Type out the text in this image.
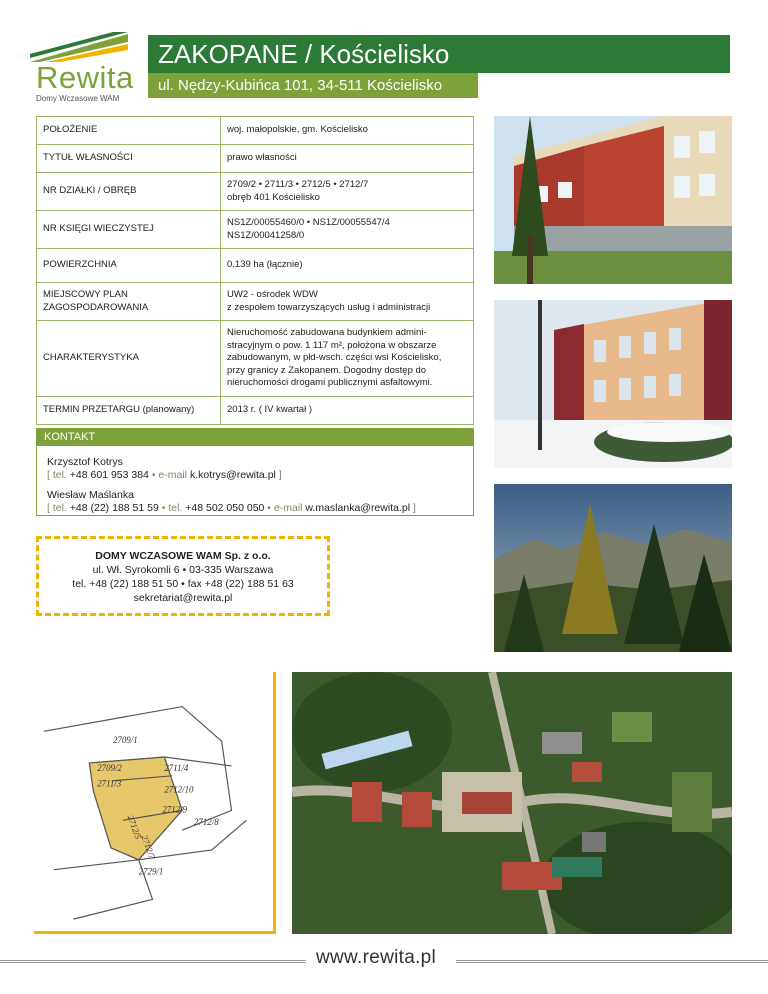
Rewita
Domy Wczasowe WAM
ZAKOPANE / Kościelisko
ul. Nędzy-Kubińca 101, 34-511 Kościelisko
POŁOŻENIE	woj. małopolskie, gm. Kościelisko

TYTUŁ WŁASNOŚCI	prawo własności

NR DZIAŁKI / OBRĘB	2709/2 • 2711/3 • 2712/5 • 2712/7
obręb 401 Kościelisko

NR KSIĘGI WIECZYSTEJ	NS1Z/00055460/0 • NS1Z/00055547/4
NS1Z/00041258/0

POWIERZCHNIA	0.139 ha (łącznie)

MIEJSCOWY PLAN
ZAGOSPODAROWANIA	UW2 - ośrodek WDW
z zespołem towarzyszących usług i administracji

CHARAKTERYSTYKA	Nieruchomość zabudowana budynkiem admini-
stracyjnym o pow. 1 117 m², położona w obszarze
zabudowanym, w płd-wsch. części wsi Kościelisko,
przy granicy z Zakopanem. Dogodny dostęp do
nieruchomości drogami publicznymi asfaltowymi.

TERMIN PRZETARGU (planowany)	2013 r. ( IV kwartał )
KONTAKT
Krzysztof Kotrys
[ tel. +48 601 953 384 • e-mail k.kotrys@rewita.pl ]
Wiesław Maślanka
[ tel. +48 (22) 188 51 59 • tel. +48 502 050 050 • e-mail w.maslanka@rewita.pl ]
DOMY WCZASOWE WAM Sp. z o.o.
ul. Wł. Syrokomli 6 • 03-335 Warszawa
tel. +48 (22) 188 51 50 • fax +48 (22) 188 51 63
sekretariat@rewita.pl
2709/1
2709/2
2711/3
2711/4
2712/10
2712/9
2712/5
2712/7
2712/8
2729/1
www.rewita.pl
